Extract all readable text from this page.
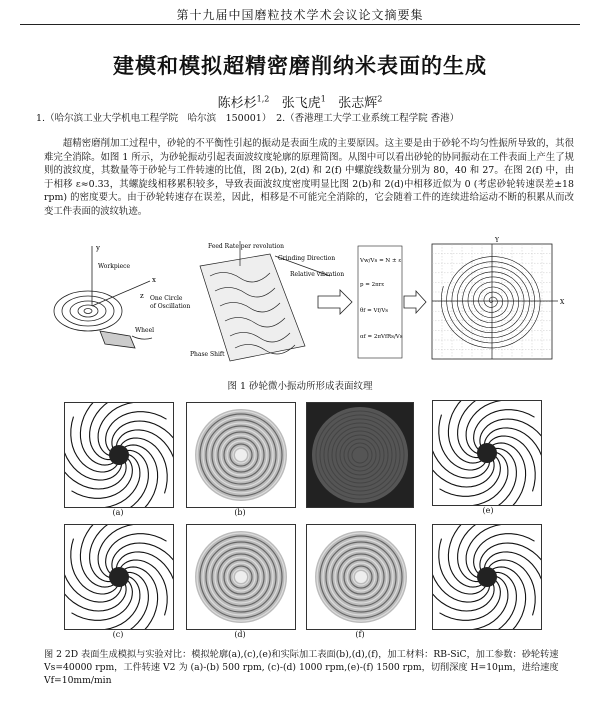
第十九届中国磨粒技术学术会议论文摘要集
建模和模拟超精密磨削纳米表面的生成
陈杉杉$^{1,2}$ 张飞虎$^1$ 张志辉$^2$
1.（哈尔滨工业大学机电工程学院　哈尔滨　150001）　2.（香港理工大学工业系统工程学院 香港）
超精密磨削加工过程中，砂轮的不平衡性引起的振动是表面生成的主要原因。这主要是由于砂轮不均匀性振所导致的，其很难完全消除。如图 1 所示，为砂轮振动引起表面波纹度轮廓的原理简图。从图中可以看出砂轮的协同振动在工件表面上产生了规则的波纹度，其数量等于砂轮与工件转速的比值，图 2(b), 2(d) 和 2(f) 中螺旋线数量分别为 80，40 和 27。在图 2(f) 中，由于相移 ε≈0.33，其螺旋线相移累积较多，导致表面波纹度密度明显比图 2(b)和 2(d)中相移近似为 0 (考虑砂轮转速误差±18 rpm) 的密度要大。由于砂轮转速存在误差，因此，相移是不可能完全消除的，它会随着工件的连续进给运动不断的积累从而改变工件表面的波纹轨迹。
y
x
z
Workpiece
Wheel
One Circle
of Oscillation
Phase Shift
Feed Rate per revolution
Grinding Direction
Relative vibration
Vw/Vs = N ± ε
p = 2πrε
θf = Vf/Vs
αf = 2πVfRs/Vs
Y
X
图 1 砂轮微小振动所形成表面纹理
(a)	(b)	(e)
(c)	(d)	(f)
图 2 2D 表面生成模拟与实验对比：模拟轮廓(a),(c),(e)和实际加工表面(b),(d),(f)，加工材料：RB-SiC，加工参数：砂轮转速 Vs=40000 rpm，工件转速 V2 为 (a)-(b) 500 rpm, (c)-(d) 1000 rpm,(e)-(f) 1500 rpm，切削深度 H=10μm，进给速度 Vf=10mm/min
